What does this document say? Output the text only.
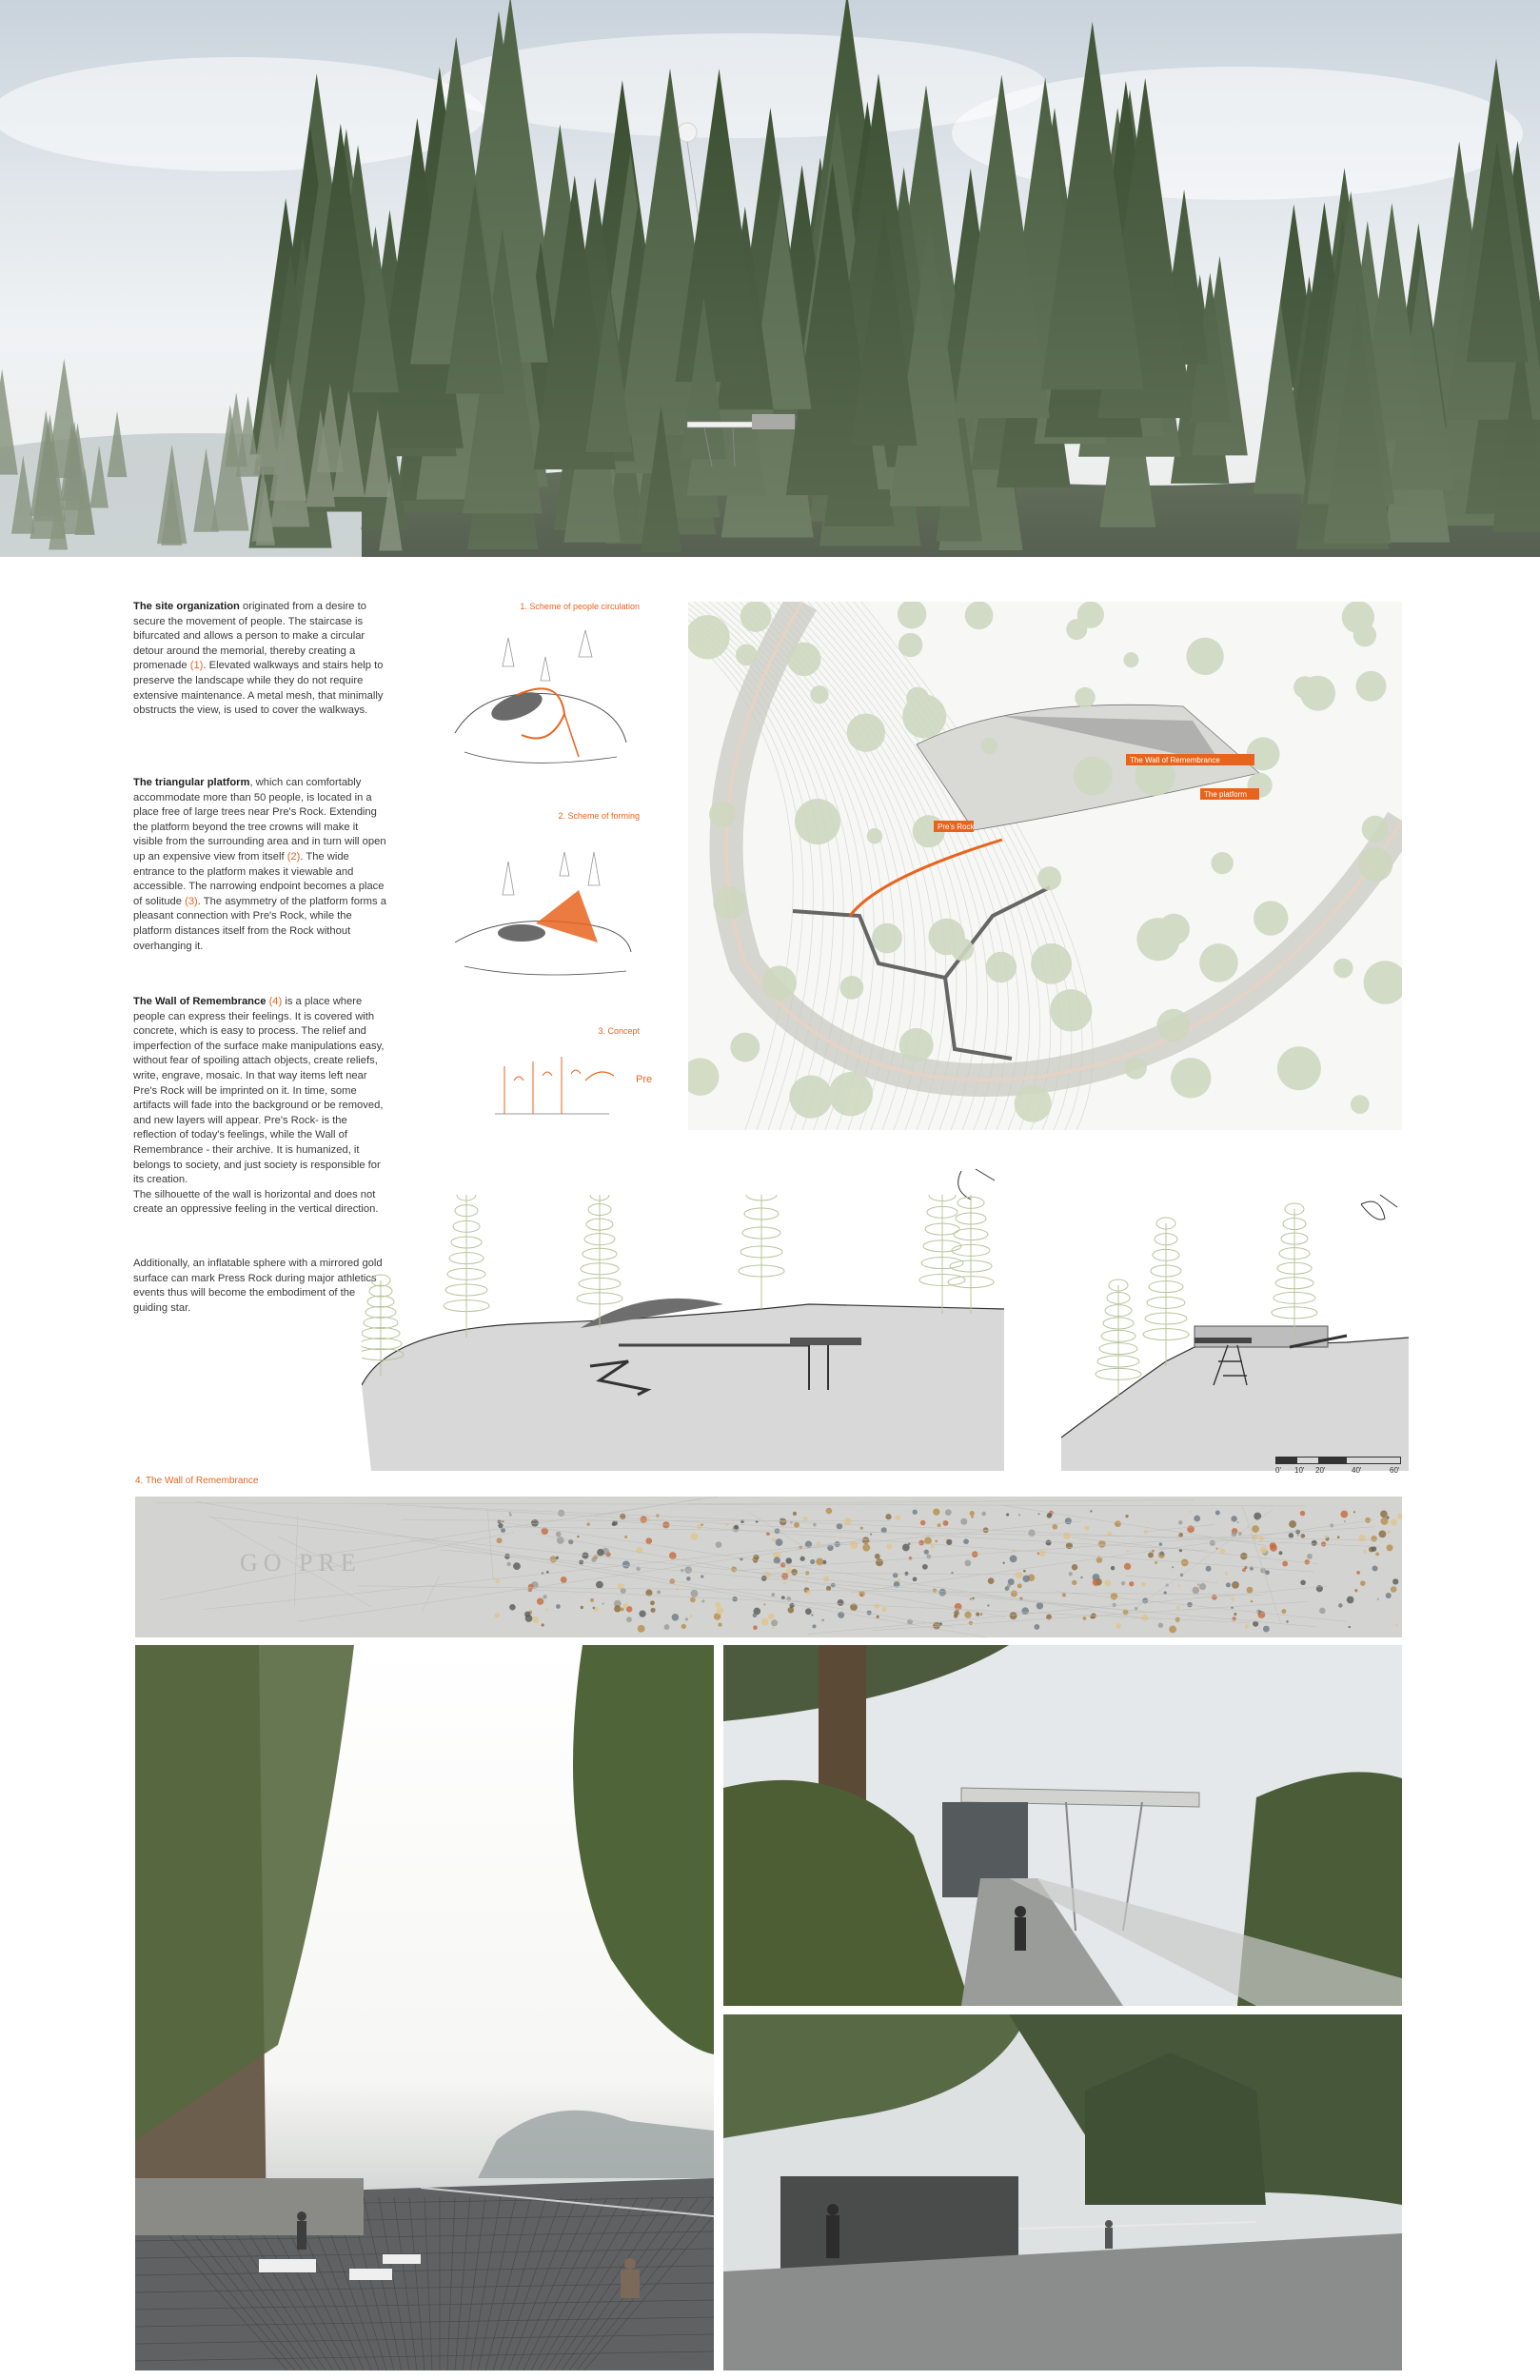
The site organization originated from a desire to secure the movement of people. The staircase is bifurcated and allows a person to make a circular detour around the memorial, thereby creating a promenade (1). Elevated walkways and stairs help to preserve the landscape while they do not require extensive maintenance. A metal mesh, that minimally obstructs the view, is used to cover the walkways.
The triangular platform, which can comfortably accommodate more than 50 people, is located in a place free of large trees near Pre's Rock. Extending the platform beyond the tree crowns will make it visible from the surrounding area and in turn will open up an expensive view from itself (2). The wide entrance to the platform makes it viewable and accessible. The narrowing endpoint becomes a place of solitude (3). The asymmetry of the platform forms a pleasant connection with Pre's Rock, while the platform distances itself from the Rock without overhanging it.
The Wall of Remembrance (4) is a place where people can express their feelings. It is covered with concrete, which is easy to process. The relief and imperfection of the surface make manipulations easy, without fear of spoiling attach objects, create reliefs, write, engrave, mosaic. In that way items left near Pre's Rock will be imprinted on it. In time, some artifacts will fade into the background or be removed, and new layers will appear. Pre's Rock- is the reflection of today's feelings, while the Wall of Remembrance - their archive. It is humanized, it belongs to society, and just society is responsible for its creation.
The silhouette of the wall is horizontal and does not create an oppressive feeling in the vertical direction.
Additionally, an inflatable sphere with a mirrored gold surface can mark Press Rock during major athletics events thus will become the embodiment of the guiding star.
1. Scheme of people circulation
2. Scheme of forming
3. Concept
Pre
The Wall of Remembrance
The platform
Pre's Rock
0' 10' 20'	40'	60'
4. The Wall of Remembrance
GO PRE
